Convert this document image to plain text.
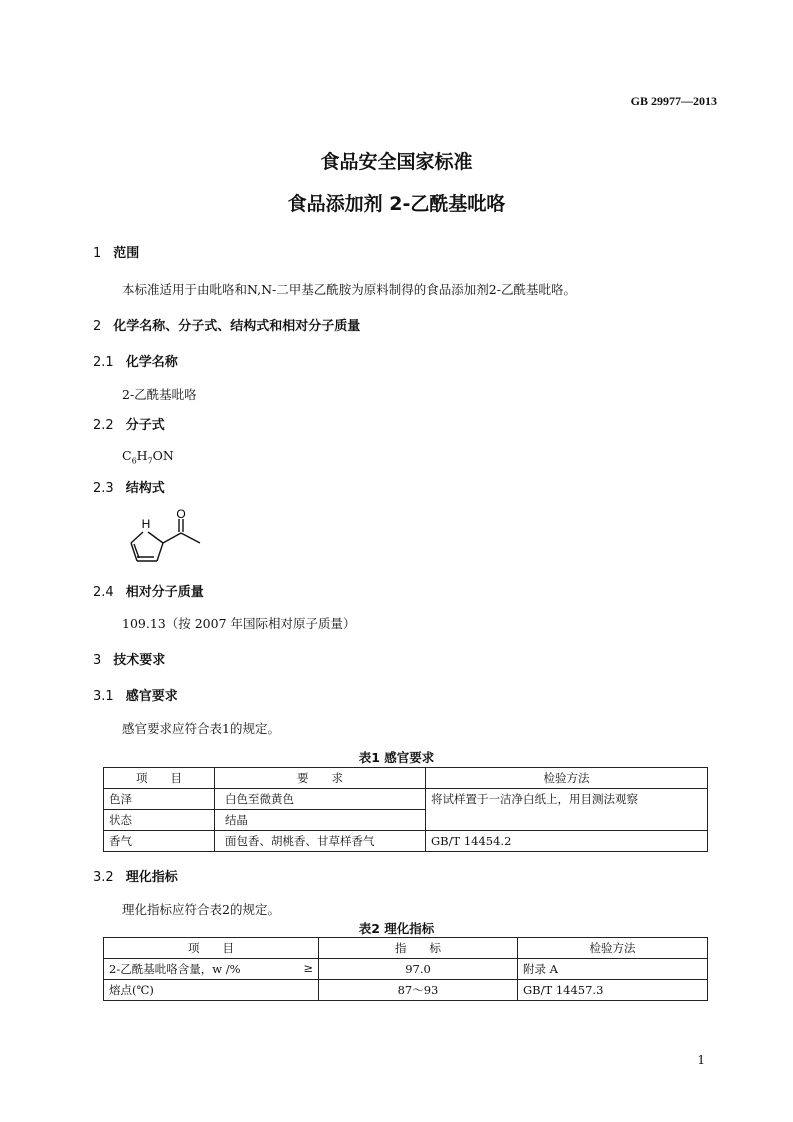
GB 29977—2013
食品安全国家标准
食品添加剂 2-乙酰基吡咯
1 范围
本标准适用于由吡咯和N,N-二甲基乙酰胺为原料制得的食品添加剂2-乙酰基吡咯。
2 化学名称、分子式、结构式和相对分子质量
2.1 化学名称
2-乙酰基吡咯
2.2 分子式
$C_6H_7ON$
2.3 结构式
H
O
2.4 相对分子质量
109.13（按 2007 年国际相对原子质量）
3 技术要求
3.1 感官要求
感官要求应符合表1的规定。
表1 感官要求
项　　目	要　　求	检验方法
色泽	白色至微黄色	将试样置于一洁净白纸上，用目测法观察
状态	结晶	
香气	面包香、胡桃香、甘草样香气	GB/T 14454.2
3.2 理化指标
理化指标应符合表2的规定。
表2 理化指标
项　　目	指　　标	检验方法
2-乙酰基吡咯含量，w /% ≥	97.0	附录 A
熔点(℃)	87～93	GB/T 14457.3
1
